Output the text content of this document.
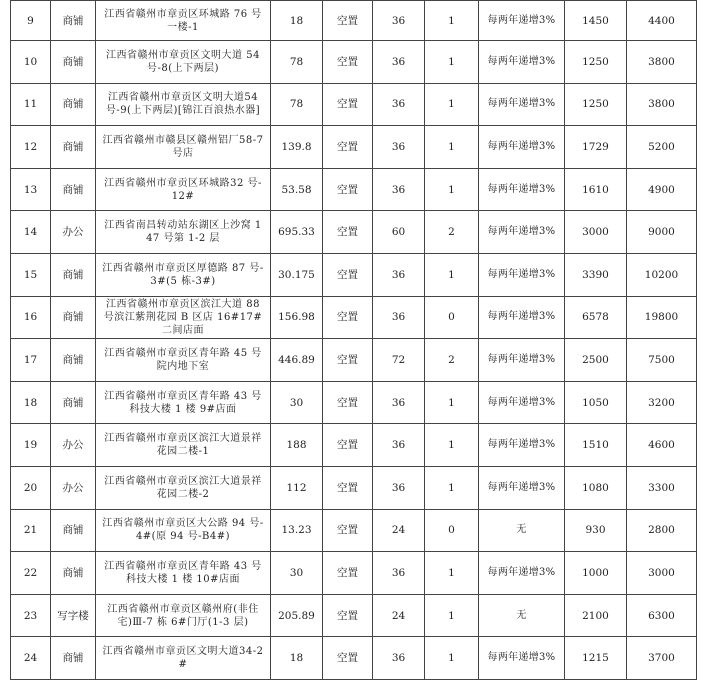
9	商铺	江西省赣州市章贡区环城路 76 号一楼-1	18	空置	36	1	每两年递增3%	1450	4400
10	商铺	江西省赣州市章贡区文明大道 54号-8(上下两层)	78	空置	36	1	每两年递增3%	1250	3800
11	商铺	江西省赣州市章贡区文明大道54号-9(上下两层)[锦江百浪热水器]	78	空置	36	1	每两年递增3%	1250	3800
12	商铺	江西省赣州市赣县区赣州铝厂58-7 号店	139.8	空置	36	1	每两年递增3%	1729	5200
13	商铺	江西省赣州市章贡区环城路32 号-12#	53.58	空置	36	1	每两年递增3%	1610	4900
14	办公	江西省南昌转动站东湖区上沙窝 147 号第 1-2 层	695.33	空置	60	2	每两年递增3%	3000	9000
15	商铺	江西省赣州市章贡区厚德路 87 号-3#(5 栋-3#)	30.175	空置	36	1	每两年递增3%	3390	10200
16	商铺	江西省赣州市章贡区滨江大道 88号滨江紫荆花园 B 区店 16#17#二间店面	156.98	空置	36	0	每两年递增3%	6578	19800
17	商铺	江西省赣州市章贡区青年路 45 号院内地下室	446.89	空置	72	2	每两年递增3%	2500	7500
18	商铺	江西省赣州市章贡区青年路 43 号科技大楼 1 楼 9#店面	30	空置	36	1	每两年递增3%	1050	3200
19	办公	江西省赣州市章贡区滨江大道景祥花园二楼-1	188	空置	36	1	每两年递增3%	1510	4600
20	办公	江西省赣州市章贡区滨江大道景祥花园二楼-2	112	空置	36	1	每两年递增3%	1080	3300
21	商铺	江西省赣州市章贡区大公路 94 号-4#(原 94 号-B4#)	13.23	空置	24	0	无	930	2800
22	商铺	江西省赣州市章贡区青年路 43 号科技大楼 1 楼 10#店面	30	空置	36	1	每两年递增3%	1000	3000
23	写字楼	江西省赣州市章贡区赣州府(非住宅)Ⅲ-7 栋 6#门厅(1-3 层)	205.89	空置	24	1	无	2100	6300
24	商铺	江西省赣州市章贡区文明大道34-2#	18	空置	36	1	每两年递增3%	1215	3700
